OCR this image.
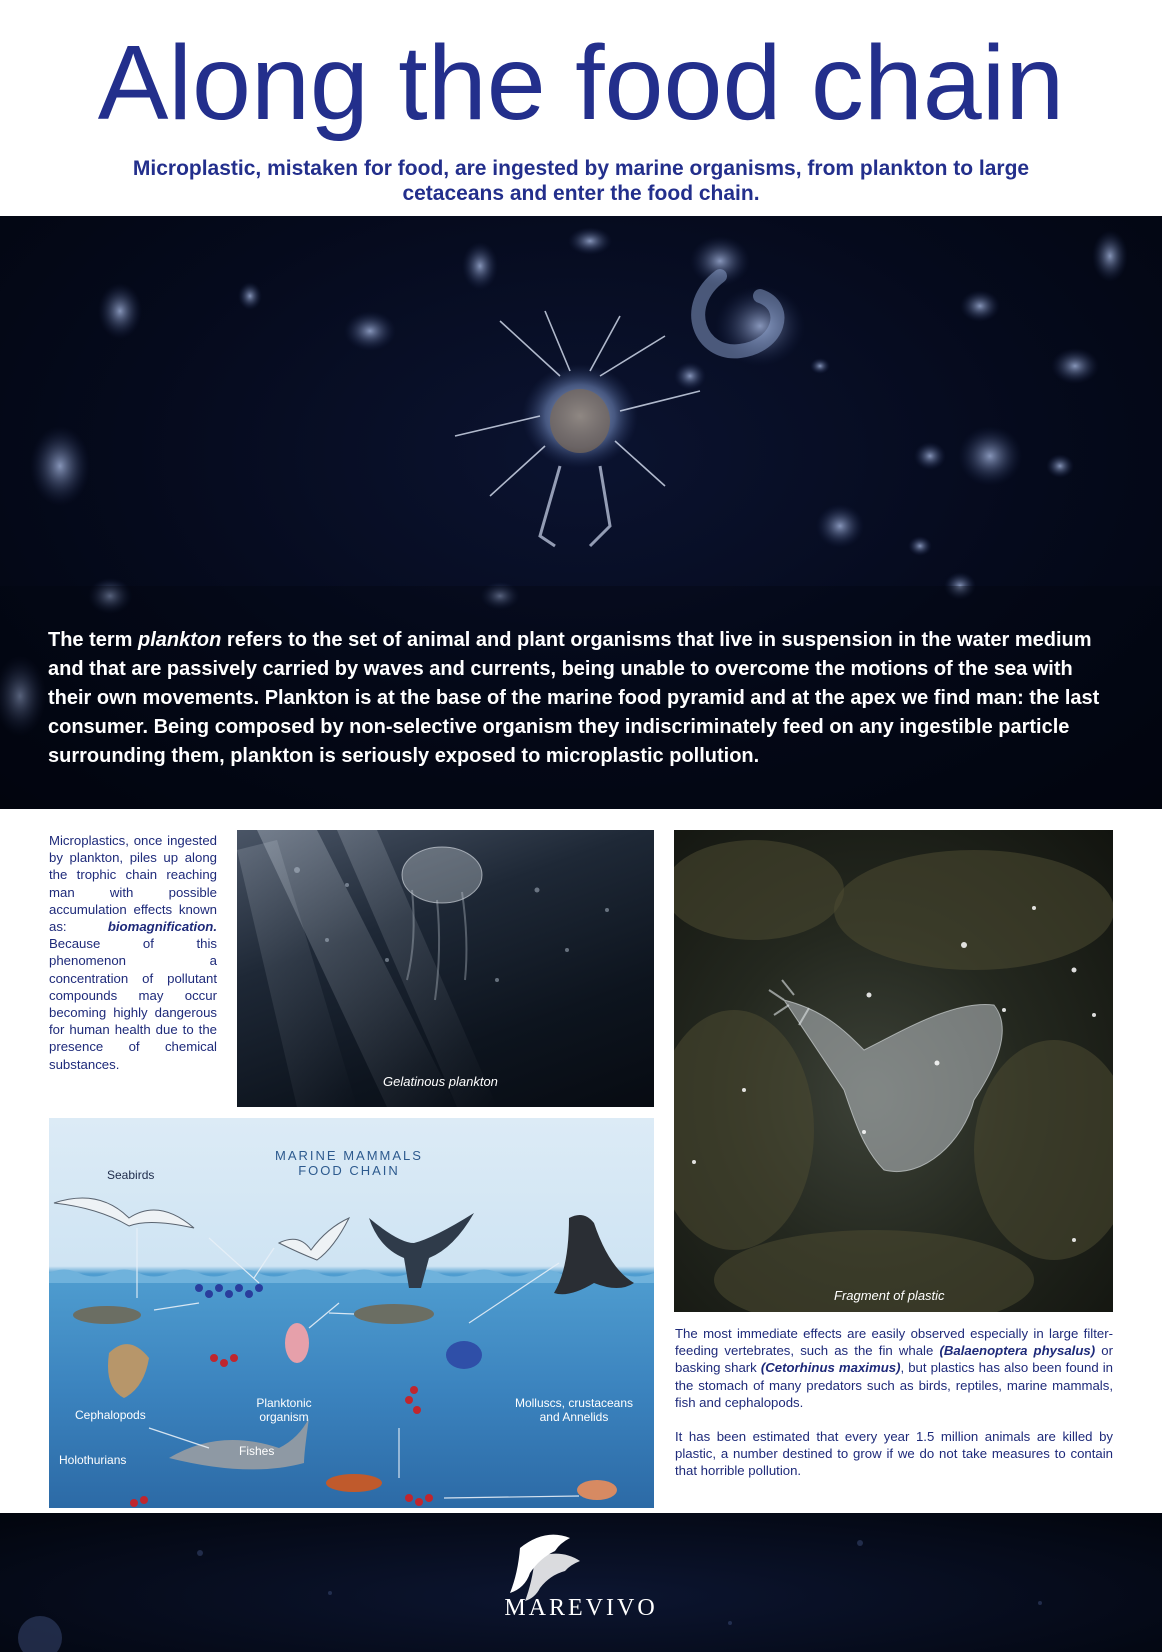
Along the food chain

Microplastic, mistaken for food, are ingested by marine organisms, from plankton to large cetaceans and enter the food chain.

The term plankton refers to the set of animal and plant organisms that live in suspension in the water medium and that are passively carried by waves and currents, being unable to overcome the motions of the sea with their own movements. Plankton is at the base of the marine food pyramid and at the apex we find man: the last consumer. Being composed by non-selective organism they indiscriminately feed on any ingestible particle surrounding them, plankton is seriously exposed to microplastic pollution.

Microplastics, once ingested by plankton, piles up along the trophic chain reaching man with possible accumulation effects known as: biomagnification. Because of this phenomenon a concentration of pollutant compounds may occur becoming highly dangerous for human health due to the presence of chemical substances.

Gelatinous plankton
Fragment of plastic
MARINE MAMMALS
FOOD CHAIN
Seabirds
Cephalopods
Planktonic
organism
Molluscs, crustaceans
and Annelids
Holothurians
Fishes

The most immediate effects are easily observed especially in large filter-feeding vertebrates, such as the fin whale (Balaenoptera physalus) or basking shark (Cetorhinus maximus), but plastics has also been found in the stomach of many predators such as birds, reptiles, marine mammals, fish and cephalopods.

It has been estimated that every year 1.5 million animals are killed by plastic, a number destined to grow if we do not take measures to contain that horrible pollution.

MAREVIVO
